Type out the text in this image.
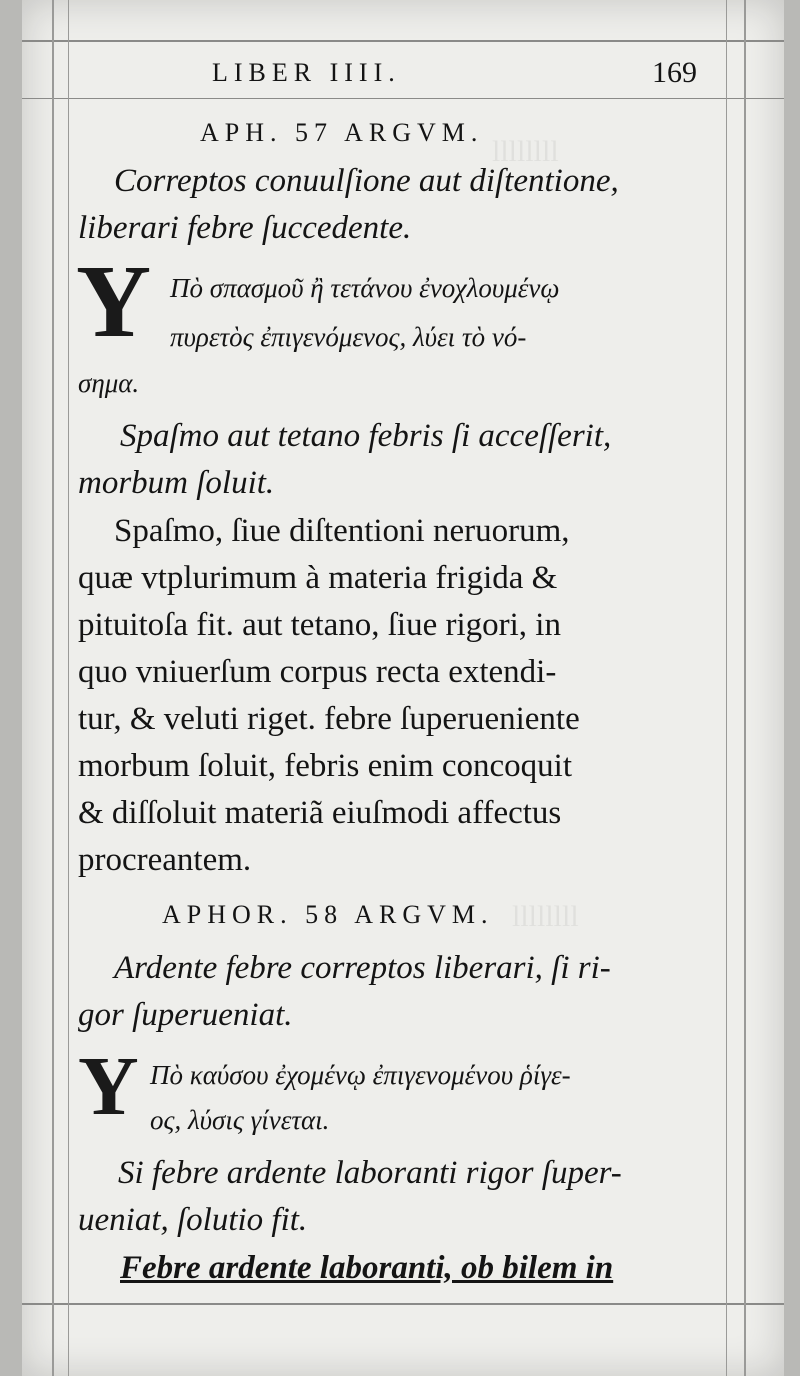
llllllll
llllllll
LIBER IIII.	169
APH. 57 ARGVM.
Correptos conuulſione aut diſtentione,
liberari febre ſuccedente.
Y Πὸ σπασμοῦ ἢ τετάνου ἐνοχλουμένῳ
πυρετὸς ἐπιγενόμενος, λύει τὸ νό-
σημα.
Spaſmo aut tetano febris ſi acceſſerit,
morbum ſoluit.
Spaſmo, ſiue diſtentioni neruorum,
quæ vtplurimum à materia frigida &
pituitoſa fit. aut tetano, ſiue rigori, in
quo vniuerſum corpus recta extendi-
tur, & veluti riget. febre ſuperueniente
morbum ſoluit, febris enim concoquit
& diſſoluit materiã eiuſmodi affectus
procreantem.
APHOR. 58 ARGVM.
Ardente febre correptos liberari, ſi ri-
gor ſuperueniat.
Y Πὸ καύσου ἐχομένῳ ἐπιγενομένου ῥίγε-
ος, λύσις γίνεται.
Si febre ardente laboranti rigor ſuper-
ueniat, ſolutio fit.
Febre ardente laboranti, ob bilem in
